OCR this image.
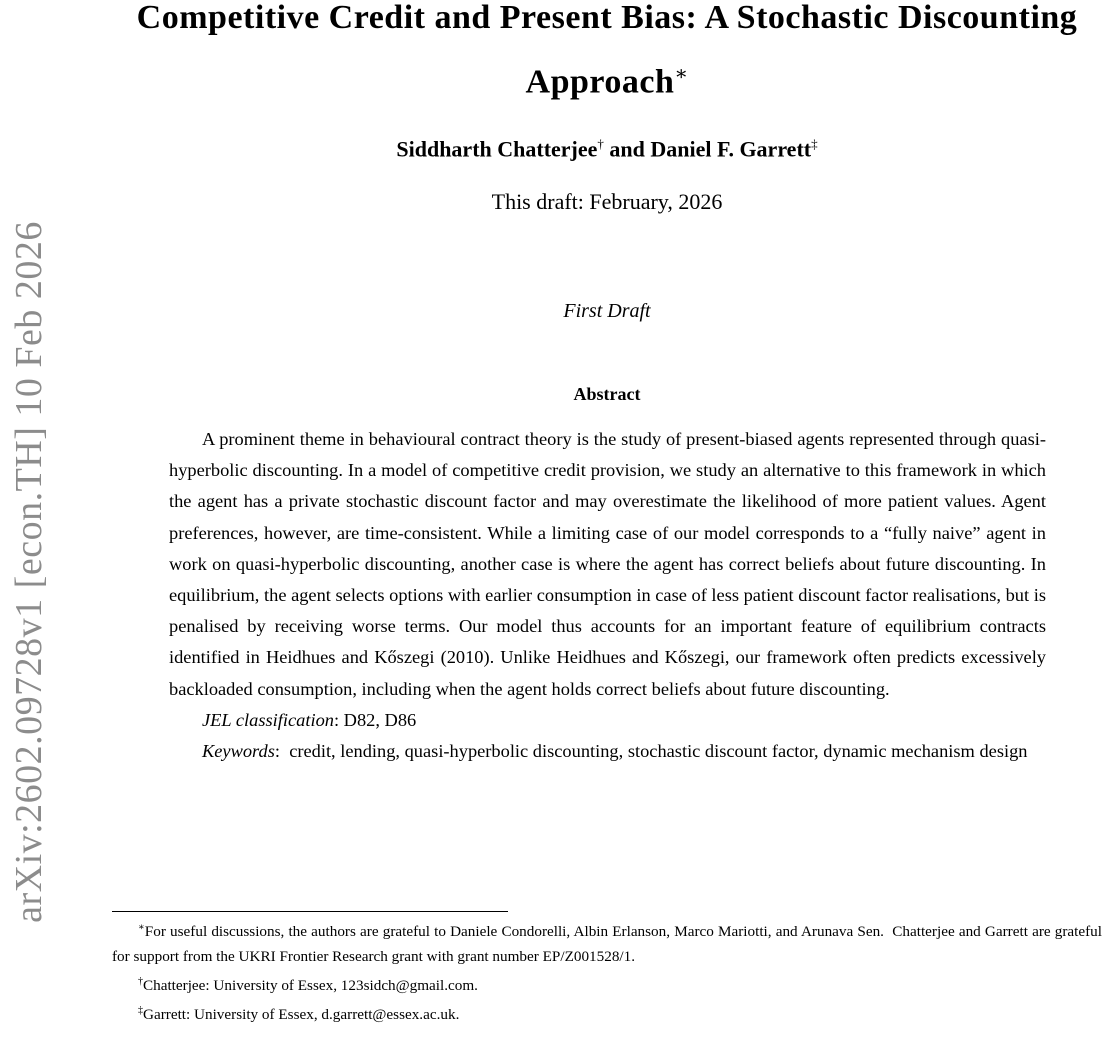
arXiv:2602.09728v1 [econ.TH] 10 Feb 2026
Competitive Credit and Present Bias: A Stochastic Discounting Approach∗
Siddharth Chatterjee† and Daniel F. Garrett‡
This draft: February, 2026
First Draft
Abstract

A prominent theme in behavioural contract theory is the study of present-biased agents represented through quasi-hyperbolic discounting. In a model of competitive credit provision, we study an alternative to this framework in which the agent has a private stochastic discount factor and may overestimate the likelihood of more patient values. Agent preferences, however, are time-consistent. While a limiting case of our model corresponds to a “fully naive” agent in work on quasi-hyperbolic discounting, another case is where the agent has correct beliefs about future discounting. In equilibrium, the agent selects options with earlier consumption in case of less patient discount factor realisations, but is penalised by receiving worse terms. Our model thus accounts for an important feature of equilibrium contracts identified in Heidhues and Kőszegi (2010). Unlike Heidhues and Kőszegi, our framework often predicts excessively backloaded consumption, including when the agent holds correct beliefs about future discounting.

JEL classification: D82, D86

Keywords:  credit, lending, quasi-hyperbolic discounting, stochastic discount factor, dynamic mechanism design

∗For useful discussions, the authors are grateful to Daniele Condorelli, Albin Erlanson, Marco Mariotti, and Arunava Sen.  Chatterjee and Garrett are grateful for support from the UKRI Frontier Research grant with grant number EP/Z001528/1.

†Chatterjee: University of Essex, 123sidch@gmail.com.

‡Garrett: University of Essex, d.garrett@essex.ac.uk.
